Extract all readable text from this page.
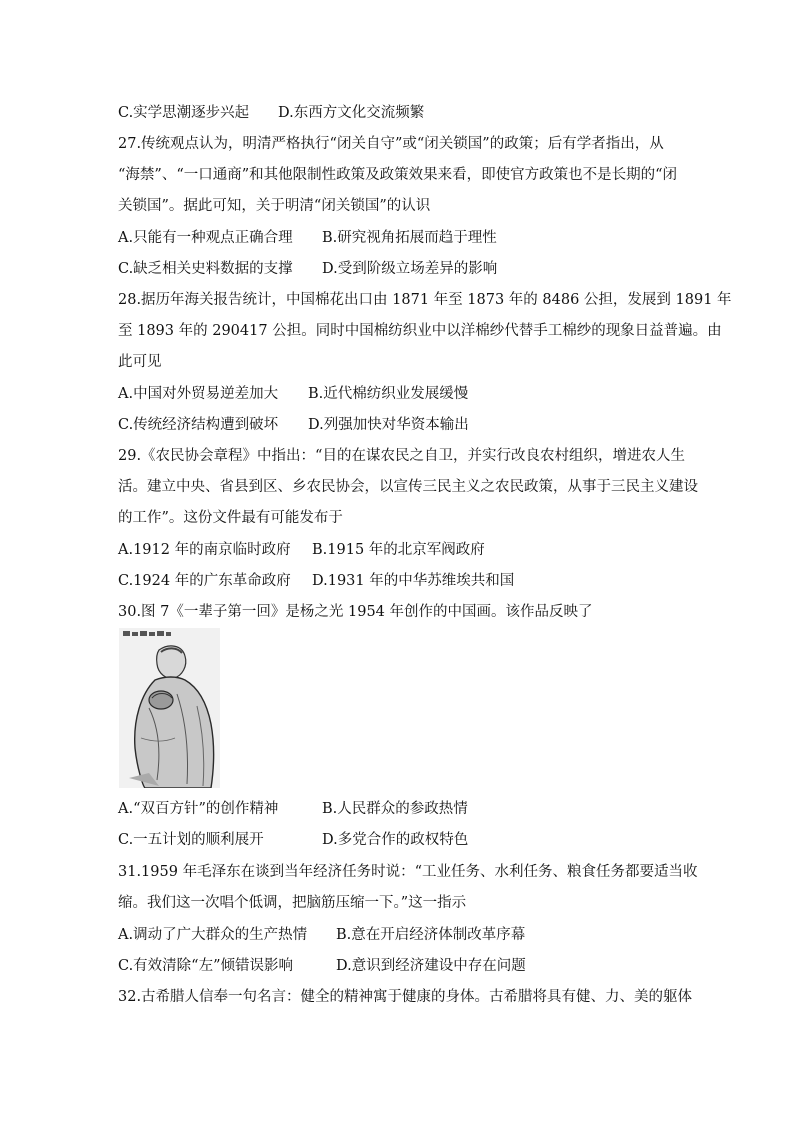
C.实学思潮逐步兴起 D.东西方文化交流频繁
27.传统观点认为，明清严格执行“闭关自守”或“闭关锁国”的政策；后有学者指出，从
“海禁”、“一口通商”和其他限制性政策及政策效果来看，即使官方政策也不是长期的“闭
关锁国”。据此可知，关于明清“闭关锁国”的认识
A.只能有一种观点正确合理 B.研究视角拓展而趋于理性
C.缺乏相关史料数据的支撑 D.受到阶级立场差异的影响
28.据历年海关报告统计，中国棉花出口由 1871 年至 1873 年的 8486 公担，发展到 1891 年
至 1893 年的 290417 公担。同时中国棉纺织业中以洋棉纱代替手工棉纱的现象日益普遍。由
此可见
A.中国对外贸易逆差加大 B.近代棉纺织业发展缓慢
C.传统经济结构遭到破坏 D.列强加快对华资本输出
29.《农民协会章程》中指出：“目的在谋农民之自卫，并实行改良农村组织，增进农人生
活。建立中央、省县到区、乡农民协会，以宣传三民主义之农民政策，从事于三民主义建设
的工作”。这份文件最有可能发布于
A.1912 年的南京临时政府 B.1915 年的北京军阀政府
C.1924 年的广东革命政府 D.1931 年的中华苏维埃共和国
30.图 7《一辈子第一回》是杨之光 1954 年创作的中国画。该作品反映了
A.“双百方针”的创作精神	B.人民群众的参政热情
C.一五计划的顺利展开	D.多党合作的政权特色
31.1959 年毛泽东在谈到当年经济任务时说：“工业任务、水利任务、粮食任务都要适当收
缩。我们这一次唱个低调，把脑筋压缩一下。”这一指示
A.调动了广大群众的生产热情 B.意在开启经济体制改革序幕
C.有效清除“左”倾错误影响	D.意识到经济建设中存在问题
32.古希腊人信奉一句名言：健全的精神寓于健康的身体。古希腊将具有健、力、美的躯体
